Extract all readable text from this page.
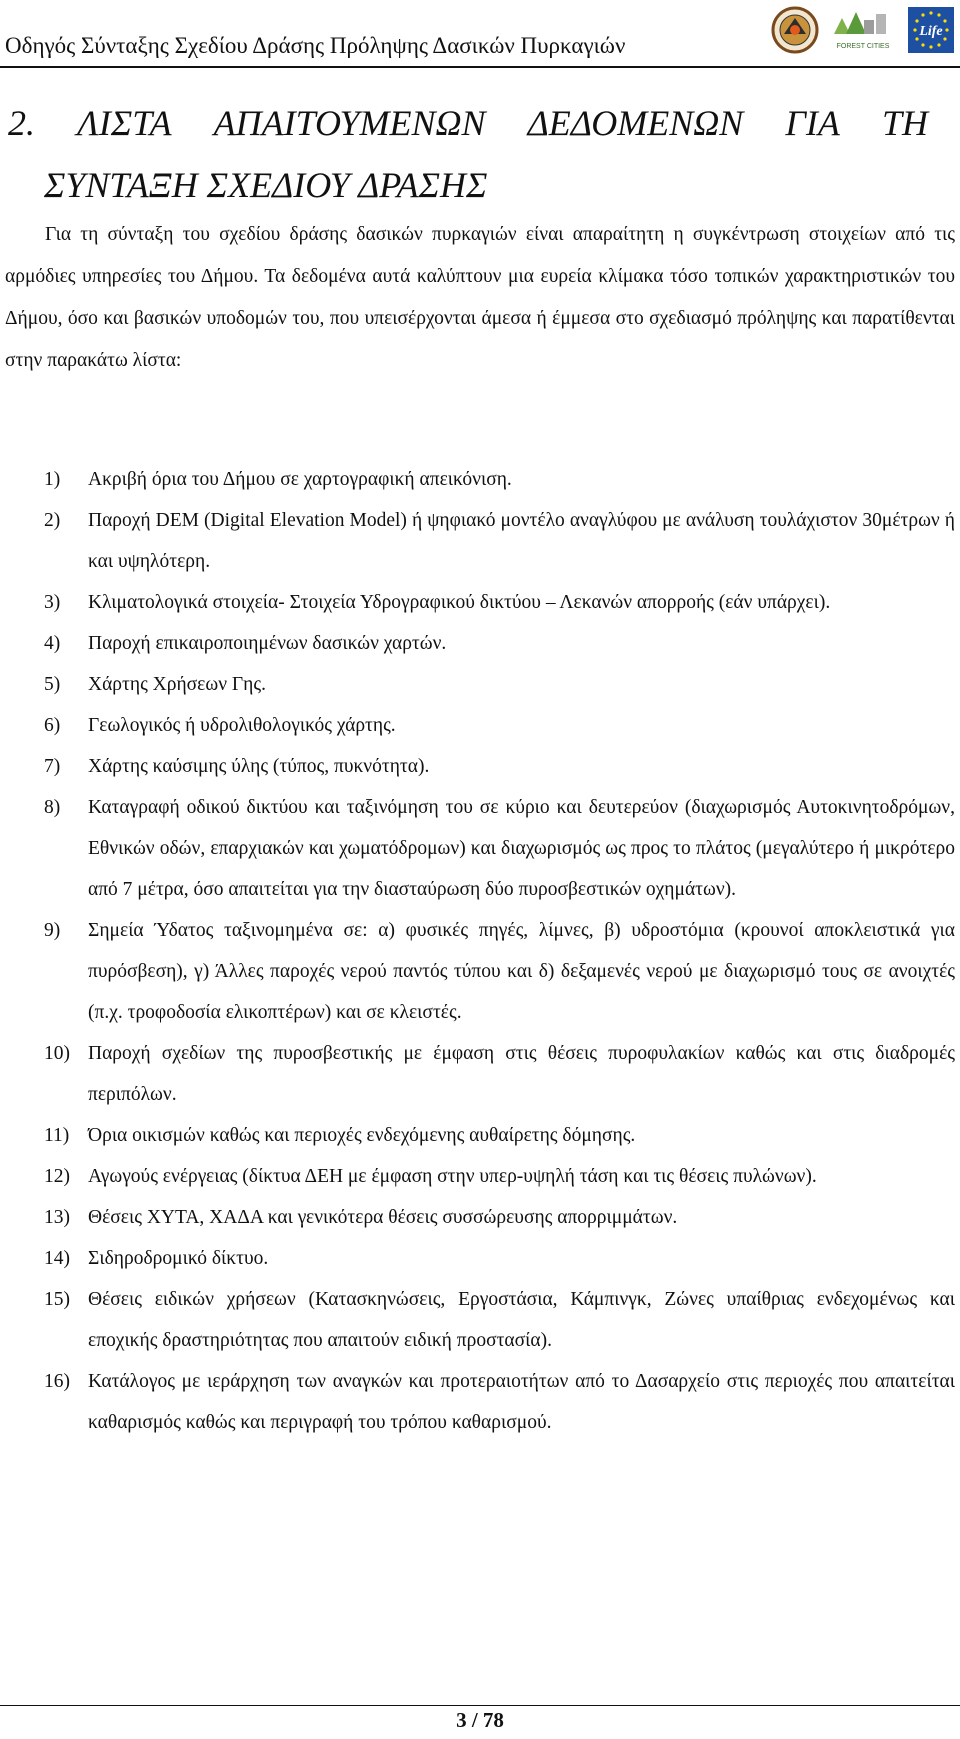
Οδηγός Σύνταξης Σχεδίου Δράσης Πρόληψης Δασικών Πυρκαγιών	FOREST CITIES
Life
2. ΛΙΣΤΑ ΑΠΑΙΤΟΥΜΕΝΩΝ ΔΕΔΟΜΕΝΩΝ ΓΙΑ ΤΗ
ΣΥΝΤΑΞΗ ΣΧΕΔΙΟΥ ΔΡΑΣΗΣ

Για τη σύνταξη του σχεδίου δράσης δασικών πυρκαγιών είναι απαραίτητη η συγκέντρωση στοιχείων από τις αρμόδιες υπηρεσίες του Δήμου. Τα δεδομένα αυτά καλύπτουν μια ευρεία κλίμακα τόσο τοπικών χαρακτηριστικών του Δήμου, όσο και βασικών υποδομών του, που υπεισέρχονται άμεσα ή έμμεσα στο σχεδιασμό πρόληψης και παρατίθενται στην παρακάτω λίστα:

1) Ακριβή όρια του Δήμου σε χαρτογραφική απεικόνιση.
2) Παροχή DEM (Digital Elevation Model) ή ψηφιακό μοντέλο αναγλύφου με ανάλυση τουλάχιστον 30μέτρων ή και υψηλότερη.
3) Κλιματολογικά στοιχεία- Στοιχεία Υδρογραφικού δικτύου – Λεκανών απορροής (εάν υπάρχει).
4) Παροχή επικαιροποιημένων δασικών χαρτών.
5) Χάρτης Χρήσεων Γης.
6) Γεωλογικός ή υδρολιθολογικός χάρτης.
7) Χάρτης καύσιμης ύλης (τύπος, πυκνότητα).
8) Καταγραφή οδικού δικτύου και ταξινόμηση του σε κύριο και δευτερεύον (διαχωρισμός Αυτοκινητοδρόμων, Εθνικών οδών, επαρχιακών και χωματόδρομων) και διαχωρισμός ως προς το πλάτος (μεγαλύτερο ή μικρότερο από 7 μέτρα, όσο απαιτείται για την διασταύρωση δύο πυροσβεστικών οχημάτων).
9) Σημεία Ύδατος ταξινομημένα σε: α) φυσικές πηγές, λίμνες, β) υδροστόμια (κρουνοί αποκλειστικά για πυρόσβεση), γ) Άλλες παροχές νερού παντός τύπου και δ) δεξαμενές νερού με διαχωρισμό τους σε ανοιχτές (π.χ. τροφοδοσία ελικοπτέρων) και σε κλειστές.
10) Παροχή σχεδίων της πυροσβεστικής με έμφαση στις θέσεις πυροφυλακίων καθώς και στις διαδρομές περιπόλων.
11) Όρια οικισμών καθώς και περιοχές ενδεχόμενης αυθαίρετης δόμησης.
12) Αγωγούς ενέργειας (δίκτυα ΔΕΗ με έμφαση στην υπερ-υψηλή τάση και τις θέσεις πυλώνων).
13) Θέσεις ΧΥΤΑ, ΧΑΔΑ και γενικότερα θέσεις συσσώρευσης απορριμμάτων.
14) Σιδηροδρομικό δίκτυο.
15) Θέσεις ειδικών χρήσεων (Κατασκηνώσεις, Εργοστάσια, Κάμπινγκ, Ζώνες υπαίθριας ενδεχομένως και εποχικής δραστηριότητας που απαιτούν ειδική προστασία).
16) Κατάλογος με ιεράρχηση των αναγκών και προτεραιοτήτων από το Δασαρχείο στις περιοχές που απαιτείται καθαρισμός καθώς και περιγραφή του τρόπου καθαρισμού.
3 / 78
